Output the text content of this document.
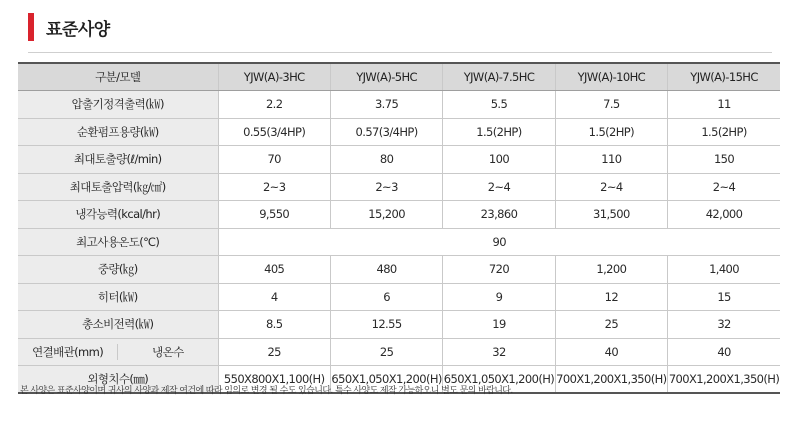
표준사양
구분/모델	YJW(A)-3HC	YJW(A)-5HC	YJW(A)-7.5HC	YJW(A)-10HC	YJW(A)-15HC
압출기정격출력(㎾)	2.2	3.75	5.5	7.5	11
순환펌프용량(㎾)	0.55(3/4HP)	0.57(3/4HP)	1.5(2HP)	1.5(2HP)	1.5(2HP)
최대토출량(ℓ/min)	70	80	100	110	150
최대토출압력(㎏/㎠)	2~3	2~3	2~4	2~4	2~4
냉각능력(kcal/hr)	9,550	15,200	23,860	31,500	42,000
최고사용온도(℃)	90				
중량(㎏)	405	480	720	1,200	1,400
히터(㎾)	4	6	9	12	15
총소비전력(㎾)	8.5	12.55	19	25	32

연결배관(mm) 냉온수	25	25	32	40	40
외형치수(㎜)	550X800X1,100(H)	650X1,050X1,200(H)	650X1,050X1,200(H)	700X1,200X1,350(H)	700X1,200X1,350(H)
본 사양은 표준사양이며 귀사의 사양과 제작 여건에 따라 임의로 변경 될 수도 있습니다. 특수 사양도 제작 가능하오니 별도 문의 바랍니다.
